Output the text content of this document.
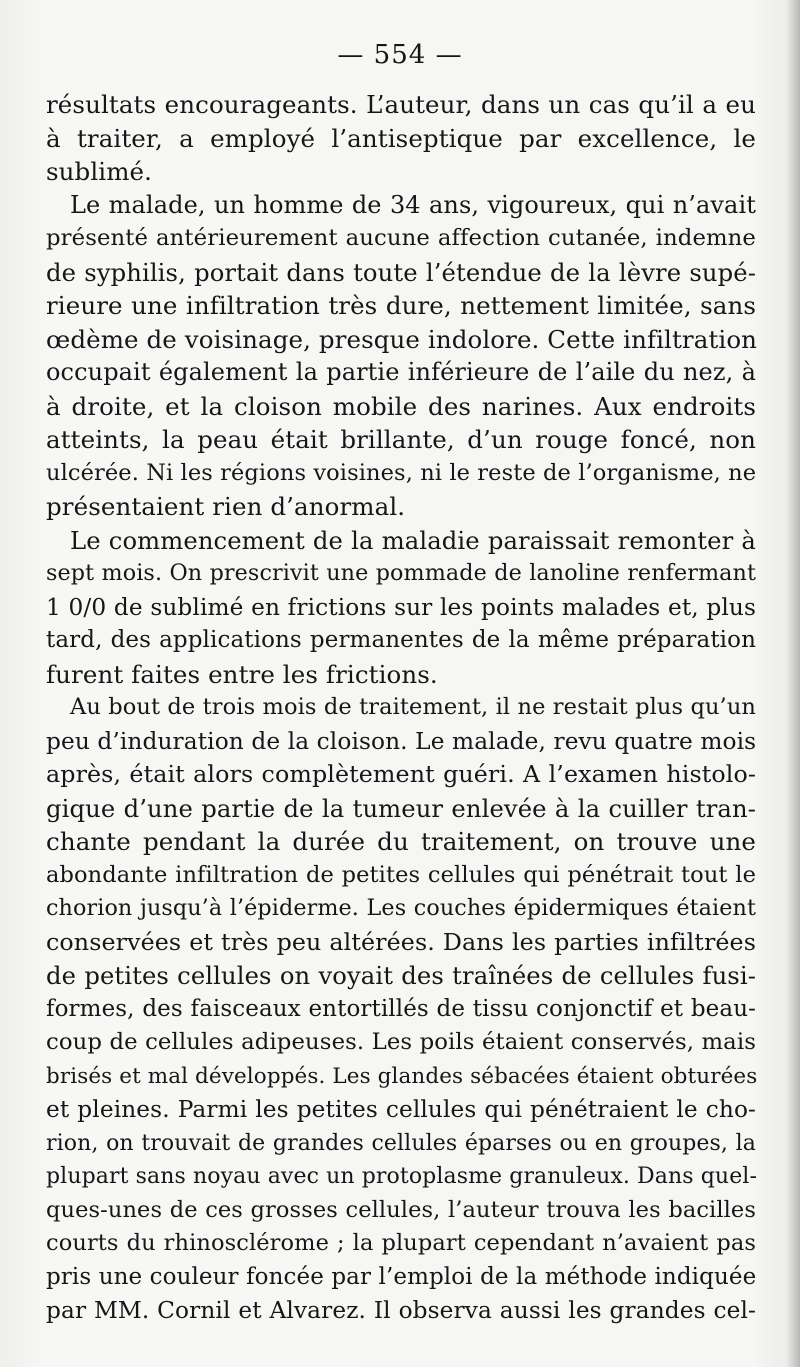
— 554 —
résultats encourageants. L’auteur, dans un cas qu’il a eu
à traiter, a employé l’antiseptique par excellence, le
sublimé.
Le malade, un homme de 34 ans, vigoureux, qui n’avait
présenté antérieurement aucune affection cutanée, indemne
de syphilis, portait dans toute l’étendue de la lèvre supé-
rieure une infiltration très dure, nettement limitée, sans
œdème de voisinage, presque indolore. Cette infiltration
occupait également la partie inférieure de l’aile du nez, à
à droite, et la cloison mobile des narines. Aux endroits
atteints, la peau était brillante, d’un rouge foncé, non
ulcérée. Ni les régions voisines, ni le reste de l’organisme, ne
présentaient rien d’anormal.
Le commencement de la maladie paraissait remonter à
sept mois. On prescrivit une pommade de lanoline renfermant
1 0/0 de sublimé en frictions sur les points malades et, plus
tard, des applications permanentes de la même préparation
furent faites entre les frictions.
Au bout de trois mois de traitement, il ne restait plus qu’un
peu d’induration de la cloison. Le malade, revu quatre mois
après, était alors complètement guéri. A l’examen histolo-
gique d’une partie de la tumeur enlevée à la cuiller tran-
chante pendant la durée du traitement, on trouve une
abondante infiltration de petites cellules qui pénétrait tout le
chorion jusqu’à l’épiderme. Les couches épidermiques étaient
conservées et très peu altérées. Dans les parties infiltrées
de petites cellules on voyait des traînées de cellules fusi-
formes, des faisceaux entortillés de tissu conjonctif et beau-
coup de cellules adipeuses. Les poils étaient conservés, mais
brisés et mal développés. Les glandes sébacées étaient obturées
et pleines. Parmi les petites cellules qui pénétraient le cho-
rion, on trouvait de grandes cellules éparses ou en groupes, la
plupart sans noyau avec un protoplasme granuleux. Dans quel-
ques-unes de ces grosses cellules, l’auteur trouva les bacilles
courts du rhinosclérome ; la plupart cependant n’avaient pas
pris une couleur foncée par l’emploi de la méthode indiquée
par MM. Cornil et Alvarez. Il observa aussi les grandes cel-
